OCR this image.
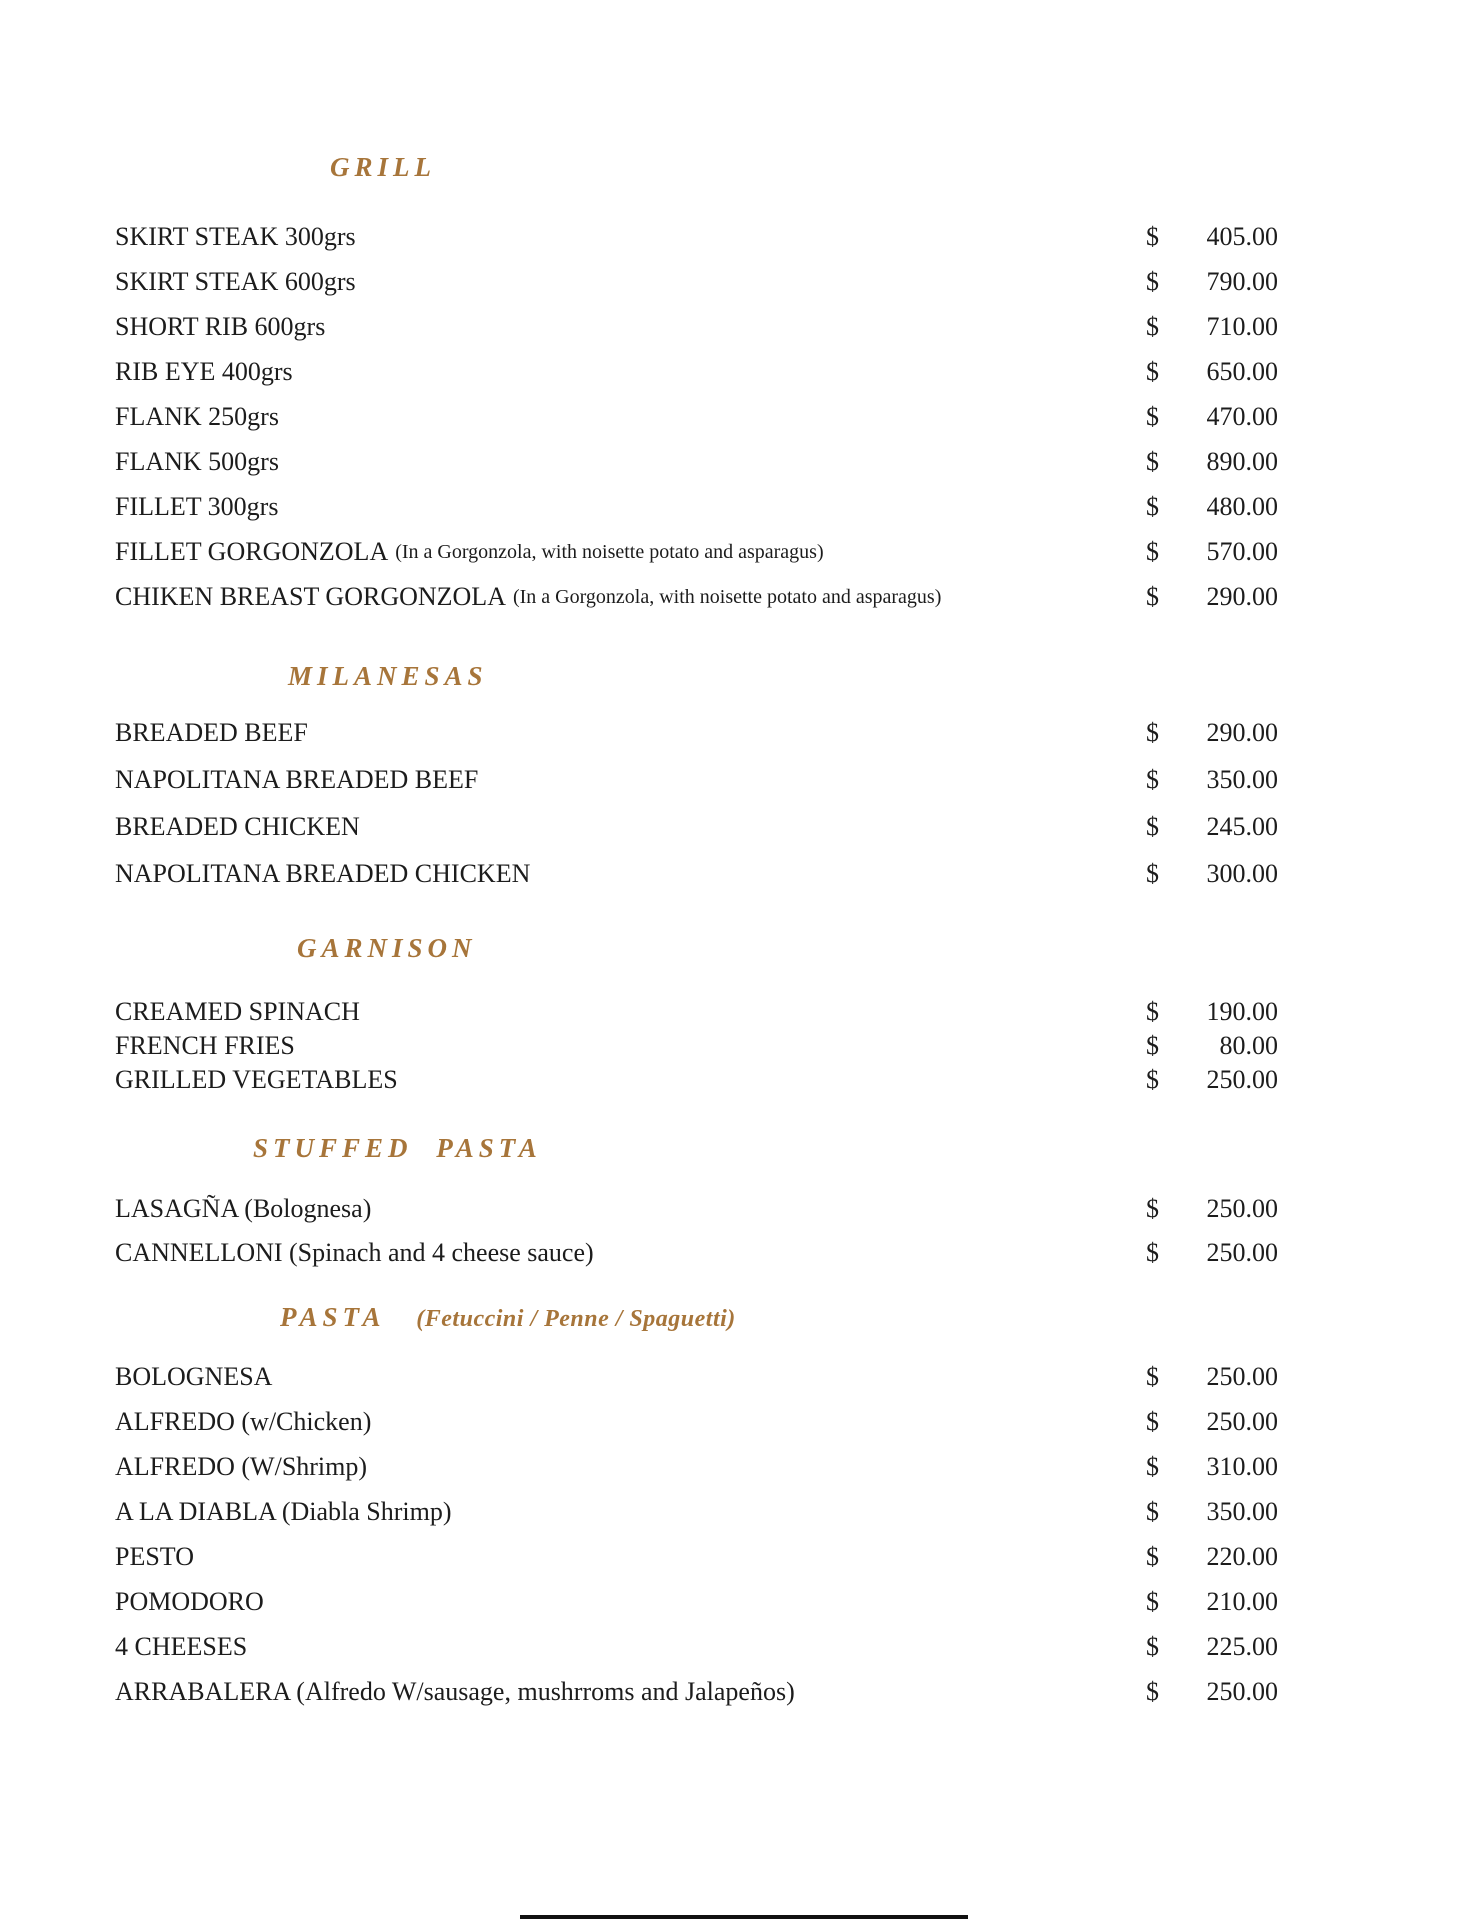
GRILL
SKIRT STEAK 300grs	$	405.00
SKIRT STEAK 600grs	$	790.00
SHORT RIB 600grs	$	710.00
RIB EYE 400grs	$	650.00
FLANK 250grs	$	470.00
FLANK 500grs	$	890.00
FILLET 300grs	$	480.00
FILLET GORGONZOLA (In a Gorgonzola, with noisette potato and asparagus)	$	570.00
CHIKEN BREAST GORGONZOLA (In a Gorgonzola, with noisette potato and asparagus)	$	290.00
MILANESAS
BREADED BEEF	$	290.00
NAPOLITANA BREADED BEEF	$	350.00
BREADED CHICKEN	$	245.00
NAPOLITANA BREADED CHICKEN	$	300.00
GARNISON
CREAMED SPINACH	$	190.00
FRENCH FRIES	$	80.00
GRILLED VEGETABLES	$	250.00
STUFFED PASTA
LASAGÑA (Bolognesa)	$	250.00
CANNELLONI (Spinach and 4 cheese sauce)	$	250.00
PASTA (Fetuccini / Penne / Spaguetti)
BOLOGNESA	$	250.00
ALFREDO (w/Chicken)	$	250.00
ALFREDO (W/Shrimp)	$	310.00
A LA DIABLA (Diabla Shrimp)	$	350.00
PESTO	$	220.00
POMODORO	$	210.00
4 CHEESES	$	225.00
ARRABALERA (Alfredo W/sausage, mushrroms and Jalapeños)	$	250.00
